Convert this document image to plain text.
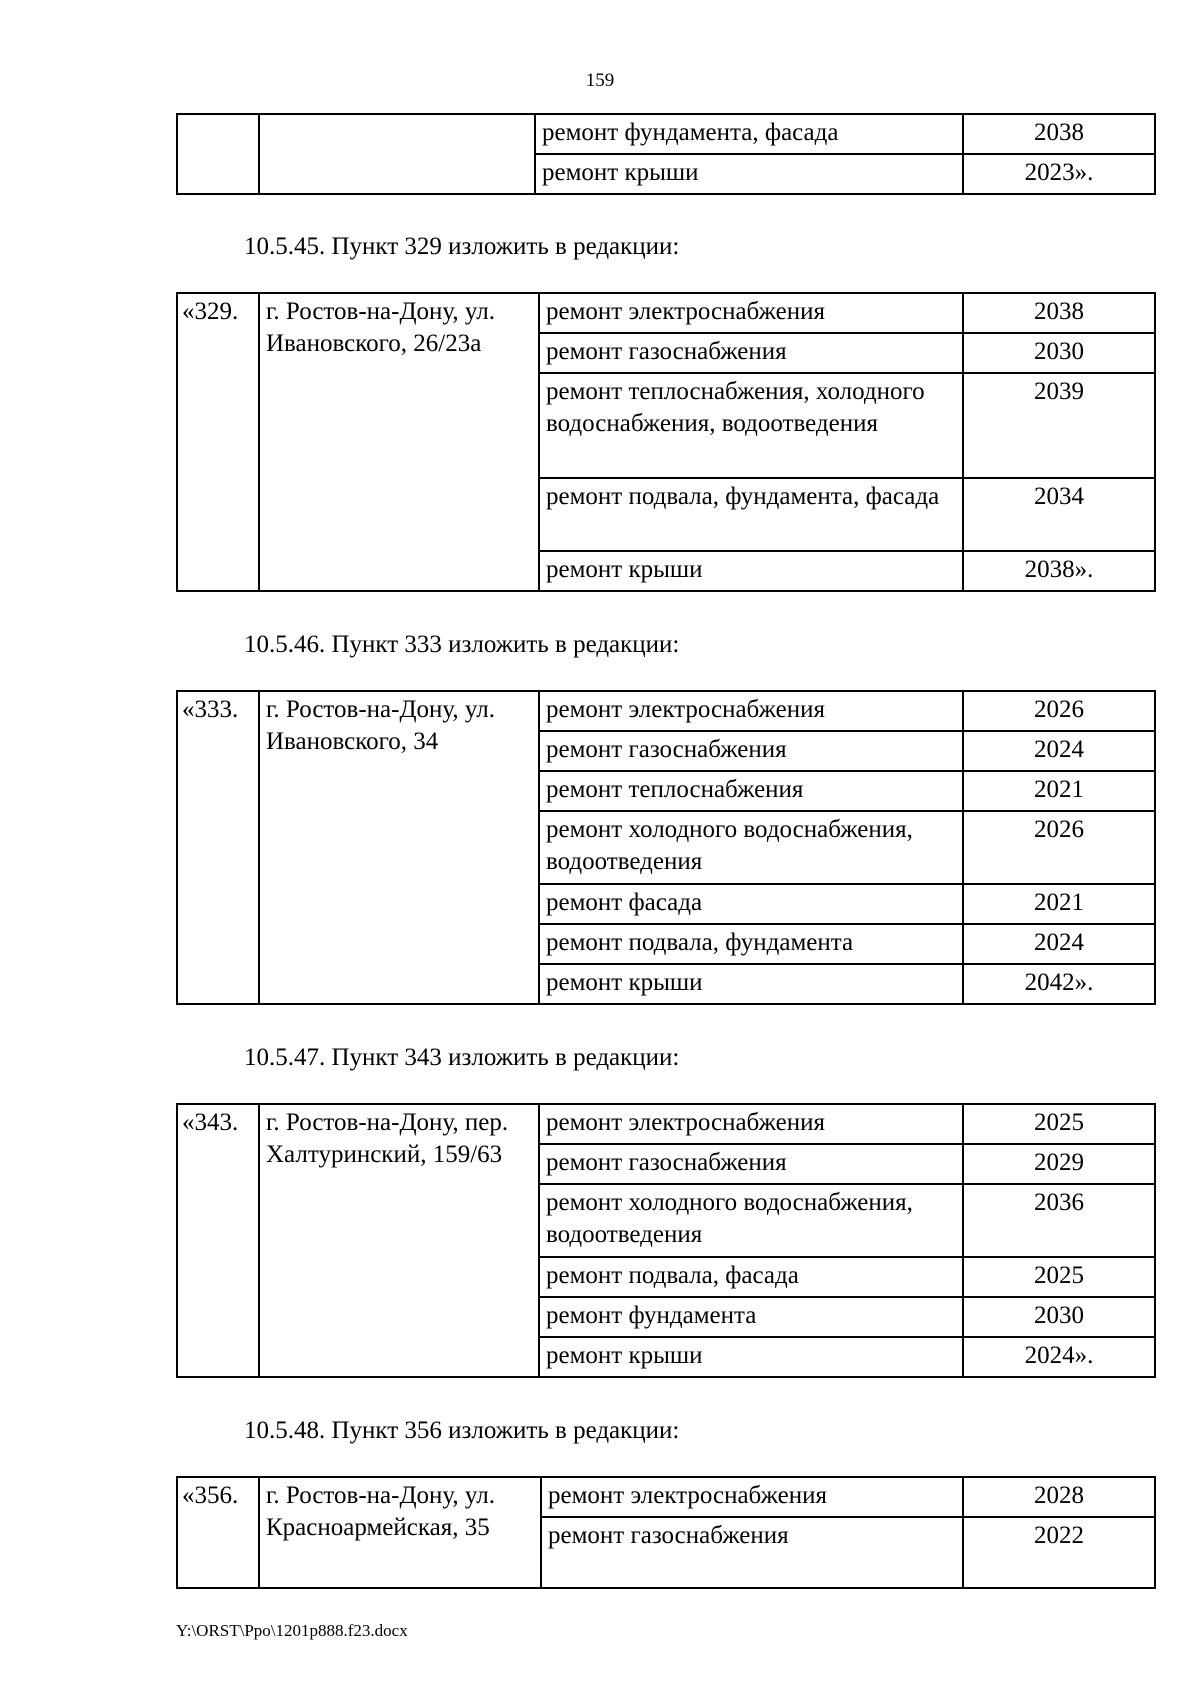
159
		ремонт фундамента, фасада	2038
		ремонт крыши	2023».
10.5.45. Пункт 329 изложить в редакции:
«329.	г. Ростов-на-Дону, ул. Ивановского, 26/23а	ремонт электроснабжения	2038
		ремонт газоснабжения	2030
		ремонт теплоснабжения, холодного водоснабжения, водоотведения	2039
		ремонт подвала, фундамента, фасада	2034
		ремонт крыши	2038».
10.5.46. Пункт 333 изложить в редакции:
«333.	г. Ростов-на-Дону, ул. Ивановского, 34	ремонт электроснабжения	2026
		ремонт газоснабжения	2024
		ремонт теплоснабжения	2021
		ремонт холодного водоснабжения, водоотведения	2026
		ремонт фасада	2021
		ремонт подвала, фундамента	2024
		ремонт крыши	2042».
10.5.47. Пункт 343 изложить в редакции:
«343.	г. Ростов-на-Дону, пер. Халтуринский, 159/63	ремонт электроснабжения	2025
		ремонт газоснабжения	2029
		ремонт холодного водоснабжения, водоотведения	2036
		ремонт подвала, фасада	2025
		ремонт фундамента	2030
		ремонт крыши	2024».
10.5.48. Пункт 356 изложить в редакции:
«356.	г. Ростов-на-Дону, ул. Красноармейская, 35	ремонт электроснабжения	2028
		ремонт газоснабжения	2022
Y:\ORST\Ppo\1201p888.f23.docx
